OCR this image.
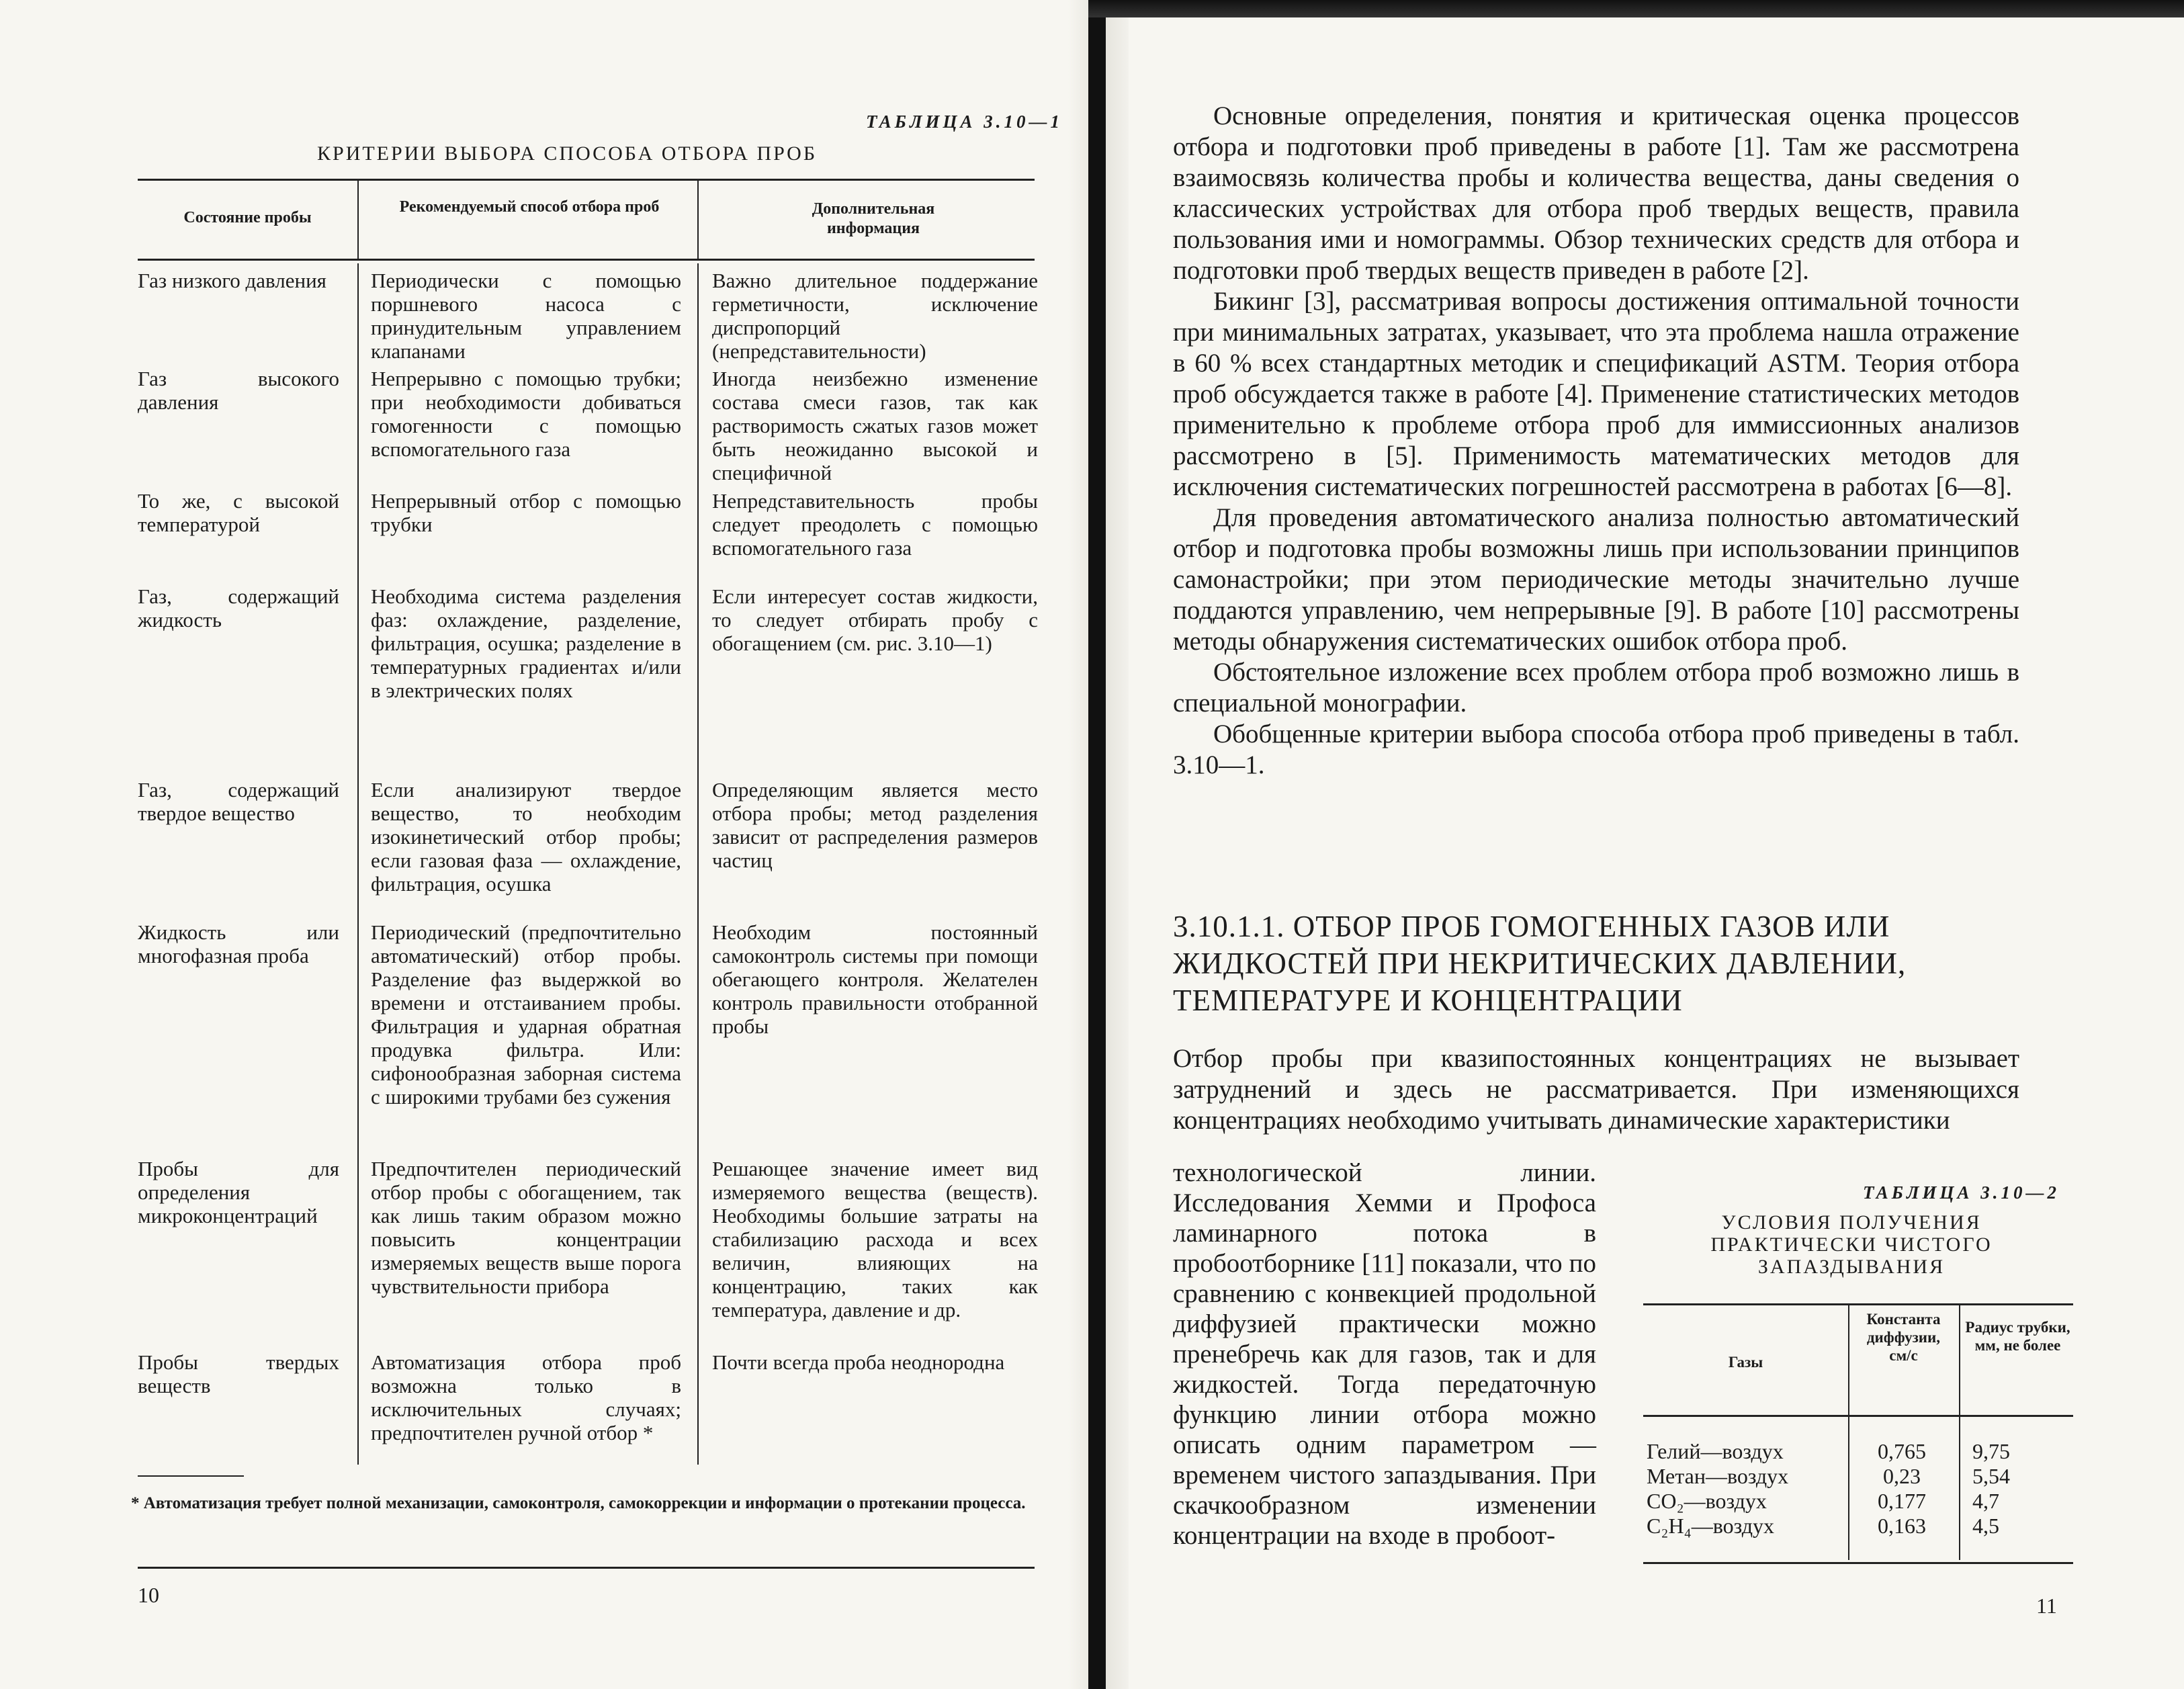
ТАБЛИЦА 3.10—1
КРИТЕРИИ ВЫБОРА СПОСОБА ОТБОРА ПРОБ
Состояние пробы
Рекомендуемый способ отбора проб	Дополнительная информация
Газ низкого давления	Периодически с помощью поршневого насоса с принудительным управлением клапанами
Важно длительное поддержание герметичности, исключение диспропорций (непредставительности)
Газ высокого давления
Непрерывно с помощью трубки; при необходимости добиваться гомогенности с помощью вспомогательного газа
Иногда неизбежно изменение состава смеси газов, так как растворимость сжатых газов может быть неожиданно высокой и специфичной
То же, с высокой температурой
Непрерывный отбор с помощью трубки
Непредставительность пробы следует преодолеть с помощью вспомогательного газа
Газ, содержащий жидкость
Необходима система разделения фаз: охлаждение, разделение, фильтрация, осушка; разделение в температурных градиентах и/или в электрических полях
Если интересует состав жидкости, то следует отбирать пробу с обогащением (см. рис. 3.10—1)
Газ, содержащий твердое вещество
Если анализируют твердое вещество, то необходим изокинетический отбор пробы; если газовая фаза — охлаждение, фильтрация, осушка
Определяющим является место отбора пробы; метод разделения зависит от распределения размеров частиц
Жидкость или многофазная проба
Периодический (предпочтительно автоматический) отбор пробы. Разделение фаз выдержкой во времени и отстаиванием пробы. Фильтрация и ударная обратная продувка фильтра. Или: сифонообразная заборная система с широкими трубами без сужения
Необходим постоянный самоконтроль системы при помощи обегающего контроля. Желателен контроль правильности отобранной пробы
Пробы для определения микроконцентраций
Предпочтителен периодический отбор пробы с обогащением, так как лишь таким образом можно повысить концентрации измеряемых веществ выше порога чувствительности прибора
Решающее значение имеет вид измеряемого вещества (веществ). Необходимы большие затраты на стабилизацию расхода и всех величин, влияющих на концентрацию, таких как температура, давление и др.
Пробы твердых веществ
Автоматизация отбора проб возможна только в исключительных случаях; предпочтителен ручной отбор *
Почти всегда проба неоднородна
* Автоматизация требует полной механизации, самоконтроля, самокоррекции и информации о протекании процесса.
10

Основные определения, понятия и критическая оценка процессов отбора и подготовки проб приведены в работе [1]. Там же рассмотрена взаимосвязь количества пробы и количества вещества, даны сведения о классических устройствах для отбора проб твердых веществ, правила пользования ими и номограммы. Обзор технических средств для отбора и подготовки проб твердых веществ приведен в работе [2].

Бикинг [3], рассматривая вопросы достижения оптимальной точности при минимальных затратах, указывает, что эта проблема нашла отражение в 60 % всех стандартных методик и спецификаций ASTM. Теория отбора проб обсуждается также в работе [4]. Применение статистических методов применительно к проблеме отбора проб для иммиссионных анализов рассмотрено в [5]. Применимость математических методов для исключения систематических погрешностей рассмотрена в работах [6—8].

Для проведения автоматического анализа полностью автоматический отбор и подготовка пробы возможны лишь при использовании принципов самонастройки; при этом периодические методы значительно лучше поддаются управлению, чем непрерывные [9]. В работе [10] рассмотрены методы обнаружения систематических ошибок отбора проб.

Обстоятельное изложение всех проблем отбора проб возможно лишь в специальной монографии.

Обобщенные критерии выбора способа отбора проб приведены в табл. 3.10—1.

3.10.1.1. ОТБОР ПРОБ ГОМОГЕННЫХ ГАЗОВ ИЛИ ЖИДКОСТЕЙ ПРИ НЕКРИТИЧЕСКИХ ДАВЛЕНИИ, ТЕМПЕРАТУРЕ И КОНЦЕНТРАЦИИ
Отбор пробы при квазипостоянных концентрациях не вызывает затруднений и здесь не рассматривается. При изменяющихся концентрациях необходимо учитывать динамические характеристики
технологической линии. Исследования Хемми и Профоса ламинарного потока в пробоотборнике [11] показали, что по сравнению с конвекцией продольной диффузией практически можно пренебречь как для газов, так и для жидкостей. Тогда передаточную функцию линии отбора можно описать одним параметром — временем чистого запаздывания. При скачкообразном изменении концентрации на входе в пробоот-
ТАБЛИЦА 3.10—2
УСЛОВИЯ ПОЛУЧЕНИЯ ПРАКТИЧЕСКИ ЧИСТОГО ЗАПАЗДЫВАНИЯ
Газы
Константа диффузии, см/с
Радиус трубки, мм, не более
Гелий—воздух
Метан—воздух
CO₂—воздух
C₂H₄—воздух
0,765
0,23
0,177
0,163
9,75
5,54
4,7
4,5
11
